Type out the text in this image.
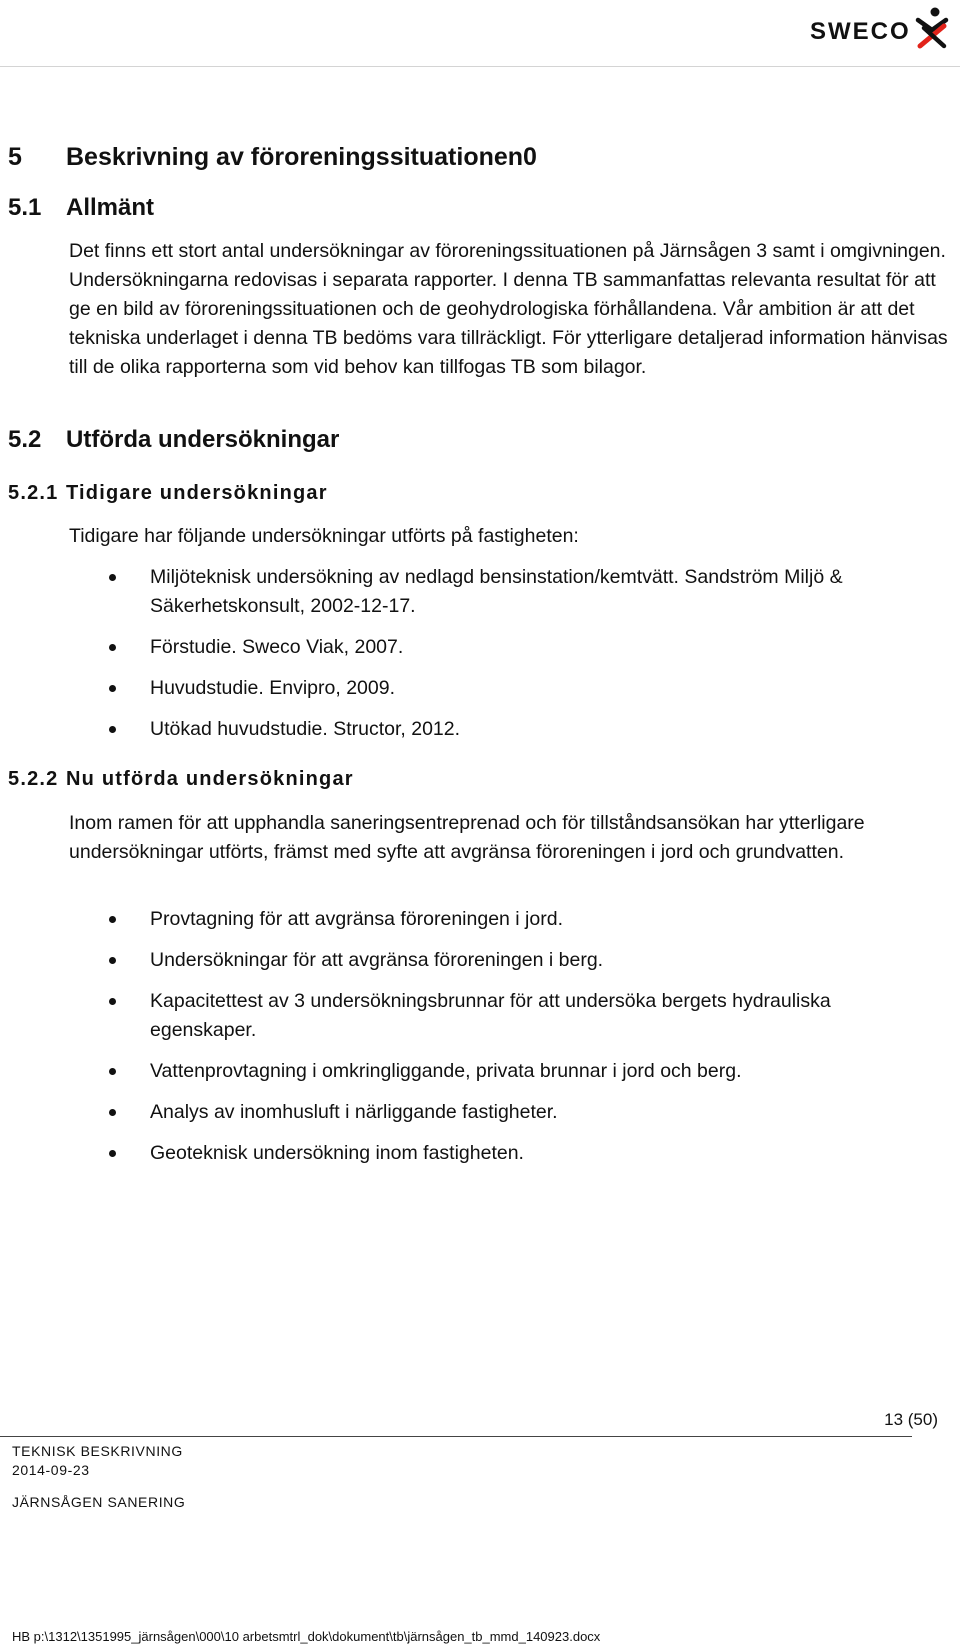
SWECO
5 Beskrivning av föroreningssituationen0
5.1 Allmänt

Det finns ett stort antal undersökningar av föroreningssituationen på Järnsågen 3 samt i omgivningen. Undersökningarna redovisas i separata rapporter. I denna TB sammanfattas relevanta resultat för att ge en bild av föroreningssituationen och de geohydrologiska förhållandena. Vår ambition är att det tekniska underlaget i denna TB bedöms vara tillräckligt. För ytterligare detaljerad information hänvisas till de olika rapporterna som vid behov kan tillfogas TB som bilagor.

5.2 Utförda undersökningar
5.2.1 Tidigare undersökningar

Tidigare har följande undersökningar utförts på fastigheten:

Miljöteknisk undersökning av nedlagd bensinstation/kemtvätt. Sandström Miljö & Säkerhetskonsult, 2002-12-17.
Förstudie. Sweco Viak, 2007.
Huvudstudie. Envipro, 2009.
Utökad huvudstudie. Structor, 2012.
5.2.2 Nu utförda undersökningar

Inom ramen för att upphandla saneringsentreprenad och för tillståndsansökan har ytterligare undersökningar utförts, främst med syfte att avgränsa föroreningen i jord och grundvatten.

Provtagning för att avgränsa föroreningen i jord.
Undersökningar för att avgränsa föroreningen i berg.
Kapacitettest av 3 undersökningsbrunnar för att undersöka bergets hydrauliska egenskaper.
Vattenprovtagning i omkringliggande, privata brunnar i jord och berg.
Analys av inomhusluft i närliggande fastigheter.
Geoteknisk undersökning inom fastigheten.
13 (50)
TEKNISK BESKRIVNING
2014-09-23
JÄRNSÅGEN SANERING
HB p:\1312\1351995_järnsågen\000\10 arbetsmtrl_dok\dokument\tb\järnsågen_tb_mmd_140923.docx
